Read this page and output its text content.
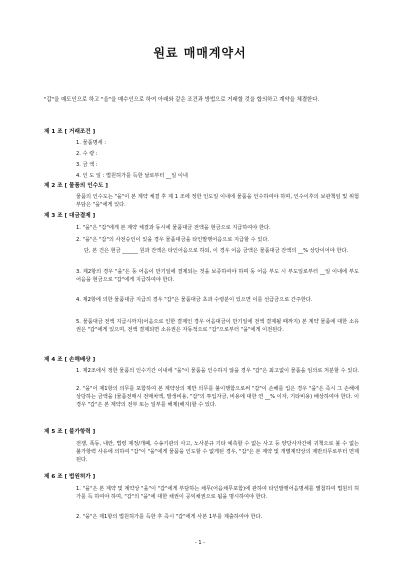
원료 매매계약서
"갑"을 매도인으로 하고 "을"을 매수인으로 하여 아래와 같은 조건과 방법으로 거래할 것을 합의하고 계약을 체결한다.
제 1 조 [ 거래조건 ]
1. 물품명세 :
2. 수 량 :
3. 금 액 :
4. 인 도 일 : 법원허가를 득한 날로부터 __일 이내
제 2 조 [ 물품의 인수도 ]
물품의 인수도는 "을"이 본 계약 체결 후 제 1 조에 정한 인도일 이내에 물품을 인수하여야 하며, 인수이후의 보관책임 및 위험부담은 "을"에게 있다.
제 3 조 [ 대금결제 ]
1. "을"은 "갑"에게 본 계약 체결과 동시에 물품대금 전액을 현금으로 지급하여야 한다.
2. "을"은 "갑"의 사전승인이 있을 경우 물품대금을 타인발행어음으로 지급할 수 있다.
단, 본 건은 현금 ______ 원과 잔액은 타인어음으로 하되, 이 경우 어음 금액은 물품대금 잔액의 __% 상당이어야 한다.
3. 제2항의 경우 "을"은 동 어음이 만기일에 결제되는 것을 보증하여야 하며 동 어음 부도 시 부도일로부터 __일 이내에 부도어음을 현금으로 "갑"에게 지급하여야 한다.
4. 제2항에 의한 물품대금 지급의 경우 "갑"은 물품대금 초과 수령분이 있으면 이를 선급금으로 간주한다.
5. 물품대금 전액 지급시까지(어음으로 인한 결제인 경우 어음대금이 만기일에 전액 결제될 때까지) 본 계약 물품에 대한 소유권은 "갑"에게 있으며, 전액 결제되면 소유권은 자동적으로 "갑"으로부터 "을"에게 이전된다.
제 4 조 [ 손해배상 ]
1. 제2조에서 정한 물품의 인수기간 이내에 "을"이 물품을 인수하지 않을 경우 "갑"은 최고없이 물품을 임의로 처분할 수 있다.
2. "을"이 제1항의 의무를 포함하여 본 계약상의 제반 의무를 불이행함으로써 "갑"이 손해를 입은 경우 "을"은 즉시 그 손해에 상당하는 금액을 (물품전매시 전매차액, 발생비용, "갑"의 투입자금, 비용에 대한 연 __% 이자, 기타비용) 배상하여야 한다. 이 경우 "갑"은 본 계약의 전부 또는 일부를 해제(해지)할 수 있다.
제 5 조 [ 불가항력 ]
전쟁, 폭동, 내란, 법령 제정/개폐, 수송기관의 사고, 노사분규 기타 예측할 수 없는 사고 등 양당사자간에 귀책으로 볼 수 없는 불가항력 사유에 의하여 "갑"이 "을"에게 물품을 인도할 수 없게된 경우, "갑"은 본 계약 및 개별계약상의 제반의무로부터 면제된다.
제 6 조 [ 법원허가 ]
1. "을"은 본 계약 및 계약상 "을"이 "갑"에게 부담하는 채무(어음채무포함)에 관하여 타인발행어음명세를 별첨하여 법원의 허가를 득 하여야 하며, "갑"의 "을"에 대한 채권이 공익채권으로 됨을 명시하여야 한다.
2. "을"은 제1항의 법원허가를 득한 후 즉시 "갑"에게 사본 1부를 제출하여야 한다.
- 1 -
